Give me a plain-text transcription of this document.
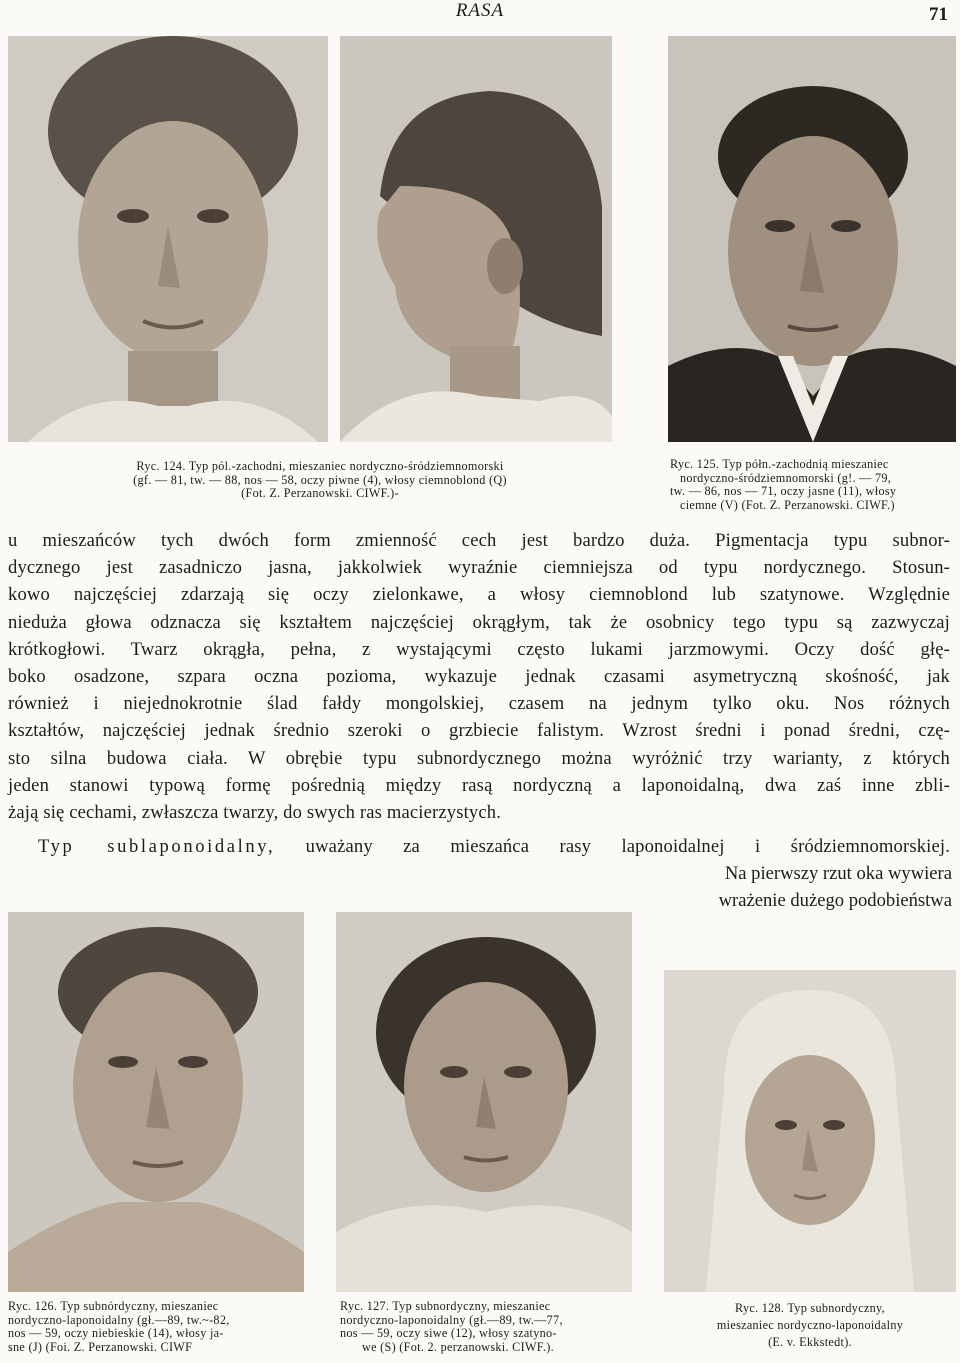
RASA	71
Ryc. 124. Typ pól.-zachodni, mieszaniec nordyczno-śródziemnomorski
(gf. — 81, tw. — 88, nos — 58, oczy piwne (4), włosy ciemnoblond (Q)
(Fot. Z. Perzanowski. CIWF.)-
Ryc. 125. Typ półn.-zachodnią mieszaniec
nordyczno-śródziemnomorski (g!. — 79,
tw. — 86, nos — 71, oczy jasne (11), włosy
ciemne (V) (Fot. Z. Perzanowski. CIWF.)
u mieszańców tych dwóch form zmienność cech jest bardzo duża. Pigmentacja typu subnor-
dycznego jest zasadniczo jasna, jakkolwiek wyraźnie ciemniejsza od typu nordycznego. Stosun-
kowo najczęściej zdarzają się oczy zielonkawe, a włosy ciemnoblond lub szatynowe. Względnie
nieduża głowa odznacza się kształtem najczęściej okrągłym, tak że osobnicy tego typu są zazwyczaj
krótkogłowi. Twarz okrągła, pełna, z wystającymi często lukami jarzmowymi. Oczy dość głę-
boko osadzone, szpara oczna pozioma, wykazuje jednak czasami asymetryczną skośność, jak
również i niejednokrotnie ślad fałdy mongolskiej, czasem na jednym tylko oku. Nos różnych
kształtów, najczęściej jednak średnio szeroki o grzbiecie falistym. Wzrost średni i ponad średni, czę-
sto silna budowa ciała. W obrębie typu subnordycznego można wyróżnić trzy warianty, z których
jeden stanowi typową formę pośrednią między rasą nordyczną a laponoidalną, dwa zaś inne zbli-
żają się cechami, zwłaszcza twarzy, do swych ras macierzystych.
Typ sublaponoidalny, uważany za mieszańca rasy laponoidalnej i śródziemnomorskiej.
Na pierwszy rzut oka wywiera
wrażenie dużego podobieństwa
Ryc. 126. Typ subnórdyczny, mieszaniec
nordyczno-laponoidalny (gł.—89, tw.~-82,
nos — 59, oczy niebieskie (14), włosy ja-
sne (J) (Foi. Z. Perzanowski. CIWF
Ryc. 127. Typ subnordyczny, mieszaniec
nordyczno-laponoidalny (gł.—89, tw.—77,
nos — 59, oczy siwe (12), włosy szatyno-
we (S) (Fot. 2. perzanowski. CIWF.).
Ryc. 128. Typ subnordyczny,
mieszaniec nordyczno-laponoidalny
(E. v. Ekkstedt).
